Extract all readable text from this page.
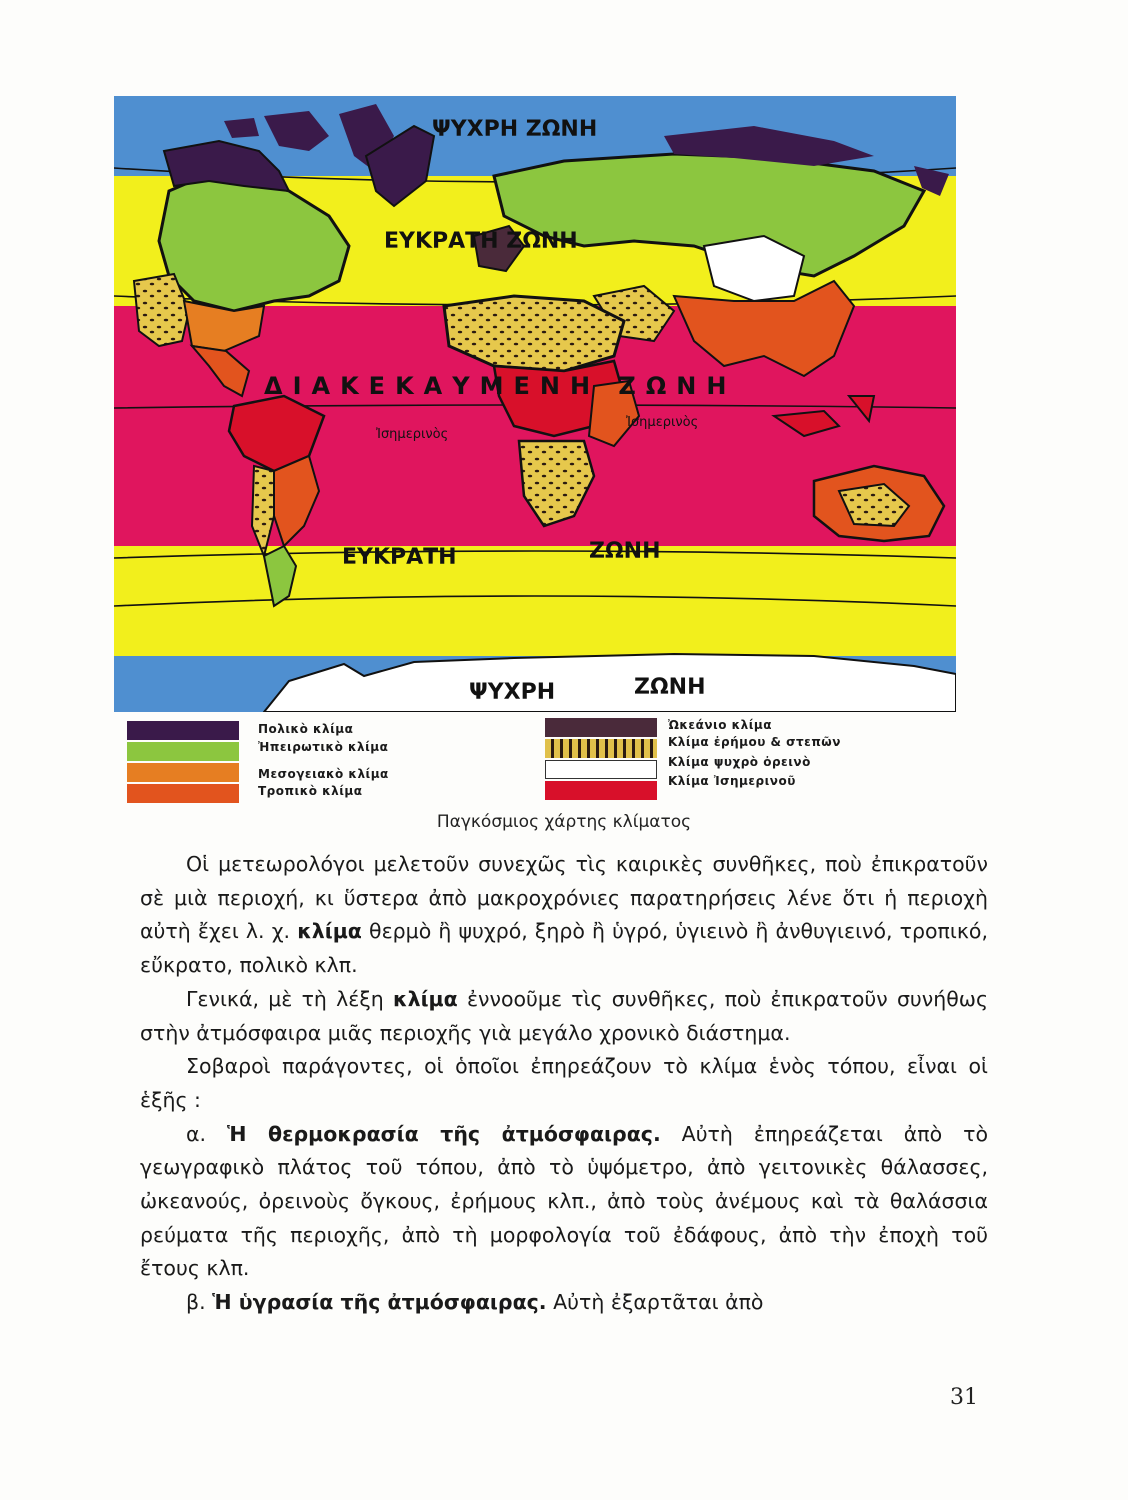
ΨΥΧΡΗ ΖΩΝΗ
ΕΥΚΡΑΤΗ ΖΩΝΗ
ΔΙΑΚΕΚΑΥΜΕΝΗ ΖΩΝΗ
Ἰσημερινὸς
Ἰσημερινὸς
ΕΥΚΡΑΤΗ	ΖΩΝΗ
ΨΥΧΡΗ	ΖΩΝΗ
Πολικὸ κλίμα
Ἠπειρωτικὸ κλίμα
Μεσογειακὸ κλίμα
Τροπικὸ κλίμα
Ὠκεάνιο κλίμα
Κλίμα ἐρήμου & στεπῶν
Κλίμα ψυχρὸ ὀρεινὸ
Κλίμα Ἰσημερινοῦ
Παγκόσμιος χάρτης κλίματος

Οἱ μετεωρολόγοι μελετοῦν συνεχῶς τὶς καιρικὲς συνθῆκες, ποὺ ἐπικρατοῦν σὲ μιὰ περιοχή, κι ὕστερα ἀπὸ μακροχρόνιες παρατηρήσεις λένε ὅτι ἡ περιοχὴ αὐτὴ ἔχει λ. χ. κλίμα θερμὸ ἢ ψυχρό, ξηρὸ ἢ ὑγρό, ὑγιεινὸ ἢ ἀνθυγιεινό, τροπικό, εὔκρατο, πολικὸ κλπ.

Γενικά, μὲ τὴ λέξη κλίμα ἐννοοῦμε τὶς συνθῆκες, ποὺ ἐπικρατοῦν συνήθως στὴν ἀτμόσφαιρα μιᾶς περιοχῆς γιὰ μεγάλο χρονικὸ διάστημα.

Σοβαροὶ παράγοντες, οἱ ὁποῖοι ἐπηρεάζουν τὸ κλίμα ἑνὸς τόπου, εἶναι οἱ ἑξῆς :

α. Ἡ θερμοκρασία τῆς ἀτμόσφαιρας. Αὐτὴ ἐπηρεάζεται ἀπὸ τὸ γεωγραφικὸ πλάτος τοῦ τόπου, ἀπὸ τὸ ὑψόμετρο, ἀπὸ γειτονικὲς θάλασσες, ὠκεανούς, ὀρεινοὺς ὄγκους, ἐρήμους κλπ., ἀπὸ τοὺς ἀνέμους καὶ τὰ θαλάσσια ρεύματα τῆς περιοχῆς, ἀπὸ τὴ μορφολογία τοῦ ἐδάφους, ἀπὸ τὴν ἐποχὴ τοῦ ἔτους κλπ.

β. Ἡ ὑγρασία τῆς ἀτμόσφαιρας. Αὐτὴ ἐξαρτᾶται ἀπὸ

31
